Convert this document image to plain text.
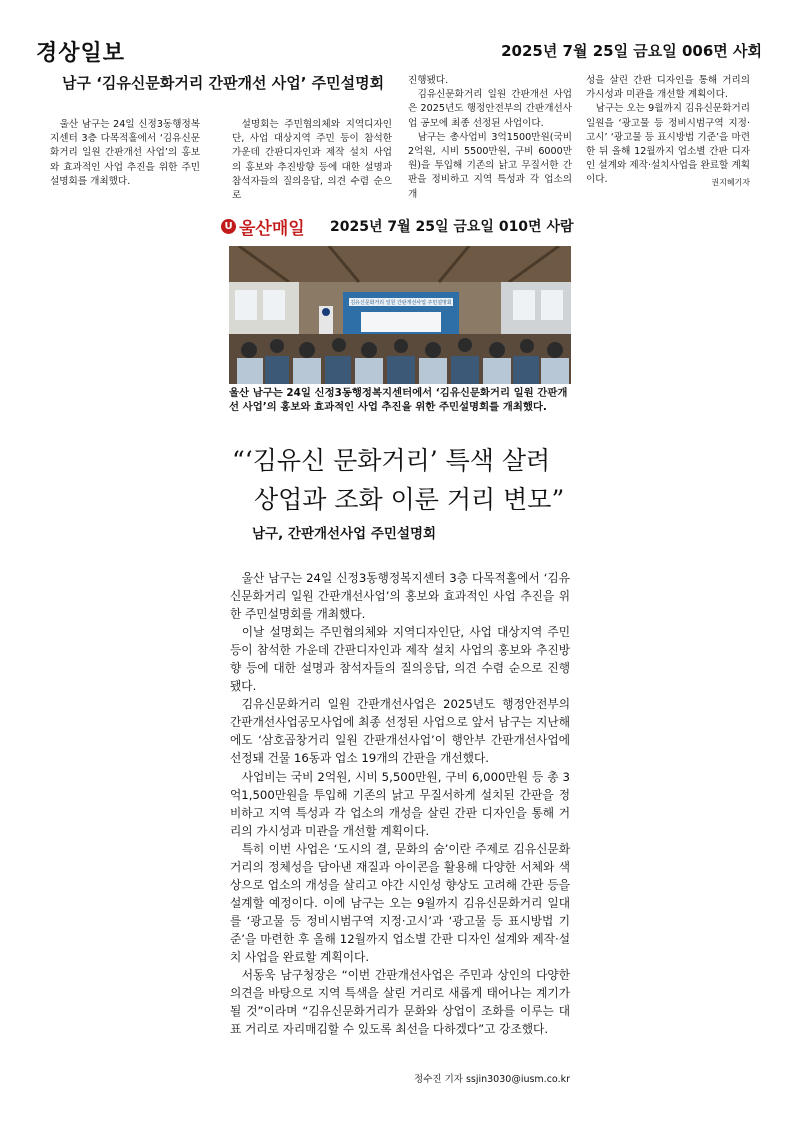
경상일보	2025년 7월 25일 금요일 006면 사회
남구 ‘김유신문화거리 간판개선 사업’ 주민설명회

울산 남구는 24일 신정3동행정복지센터 3층 다목적홀에서 ‘김유신문화거리 일원 간판개선 사업’의 홍보와 효과적인 사업 추진을 위한 주민설명회를 개최했다.

설명회는 주민협의체와 지역디자인단, 사업 대상지역 주민 등이 참석한 가운데 간판디자인과 제작 설치 사업의 홍보와 추진방향 등에 대한 설명과 참석자들의 질의응답, 의견 수렴 순으로

진행됐다.

김유신문화거리 일원 간판개선 사업은 2025년도 행정안전부의 간판개선사업 공모에 최종 선정된 사업이다.

남구는 총사업비 3억1500만원(국비 2억원, 시비 5500만원, 구비 6000만원)을 투입해 기존의 낡고 무질서한 간판을 정비하고 지역 특성과 각 업소의 개

성을 살린 간판 디자인을 통해 거리의 가시성과 미관을 개선할 계획이다.

남구는 오는 9월까지 김유신문화거리 일원을 ‘광고물 등 정비시범구역 지정·고시’ ‘광고물 등 표시방법 기준’을 마련한 뒤 올해 12월까지 업소별 간판 디자인 설계와 제작·설치사업을 완료할 계획이다.	권지혜기자
U 울산매일 2025년 7월 25일 금요일 010면 사람
김유신문화거리 일원 간판개선사업 주민설명회

울산 남구는 24일 신정3동행정복지센터에서 ‘김유신문화거리 일원 간판개선 사업’의 홍보와 효과적인 사업 추진을 위한 주민설명회를 개최했다.

“‘김유신 문화거리’ 특색 살려
상업과 조화 이룬 거리 변모”
남구, 간판개선사업 주민설명회

울산 남구는 24일 신정3동행정복지센터 3층 다목적홀에서 ‘김유신문화거리 일원 간판개선사업’의 홍보와 효과적인 사업 추진을 위한 주민설명회를 개최했다.

이날 설명회는 주민협의체와 지역디자인단, 사업 대상지역 주민 등이 참석한 가운데 간판디자인과 제작 설치 사업의 홍보와 추진방향 등에 대한 설명과 참석자들의 질의응답, 의견 수렴 순으로 진행됐다.

김유신문화거리 일원 간판개선사업은 2025년도 행정안전부의 간판개선사업공모사업에 최종 선정된 사업으로 앞서 남구는 지난해에도 ‘삼호곱창거리 일원 간판개선사업’이 행안부 간판개선사업에 선정돼 건물 16동과 업소 19개의 간판을 개선했다.

사업비는 국비 2억원, 시비 5,500만원, 구비 6,000만원 등 총 3억1,500만원을 투입해 기존의 낡고 무질서하게 설치된 간판을 정비하고 지역 특성과 각 업소의 개성을 살린 간판 디자인을 통해 거리의 가시성과 미관을 개선할 계획이다.

특히 이번 사업은 ‘도시의 결, 문화의 숨’이란 주제로 김유신문화거리의 정체성을 담아낸 재질과 아이콘을 활용해 다양한 서체와 색상으로 업소의 개성을 살리고 야간 시인성 향상도 고려해 간판 등을 설계할 예정이다. 이에 남구는 오는 9월까지 김유신문화거리 일대를 ‘광고물 등 정비시범구역 지정·고시’과 ‘광고물 등 표시방법 기준’을 마련한 후 올해 12월까지 업소별 간판 디자인 설계와 제작·설치 사업을 완료할 계획이다.

서동욱 남구청장은 “이번 간판개선사업은 주민과 상인의 다양한 의견을 바탕으로 지역 특색을 살린 거리로 새롭게 태어나는 계기가 될 것”이라며 “김유신문화거리가 문화와 상업이 조화를 이루는 대표 거리로 자리매김할 수 있도록 최선을 다하겠다”고 강조했다.

정수진 기자 ssjin3030@iusm.co.kr
